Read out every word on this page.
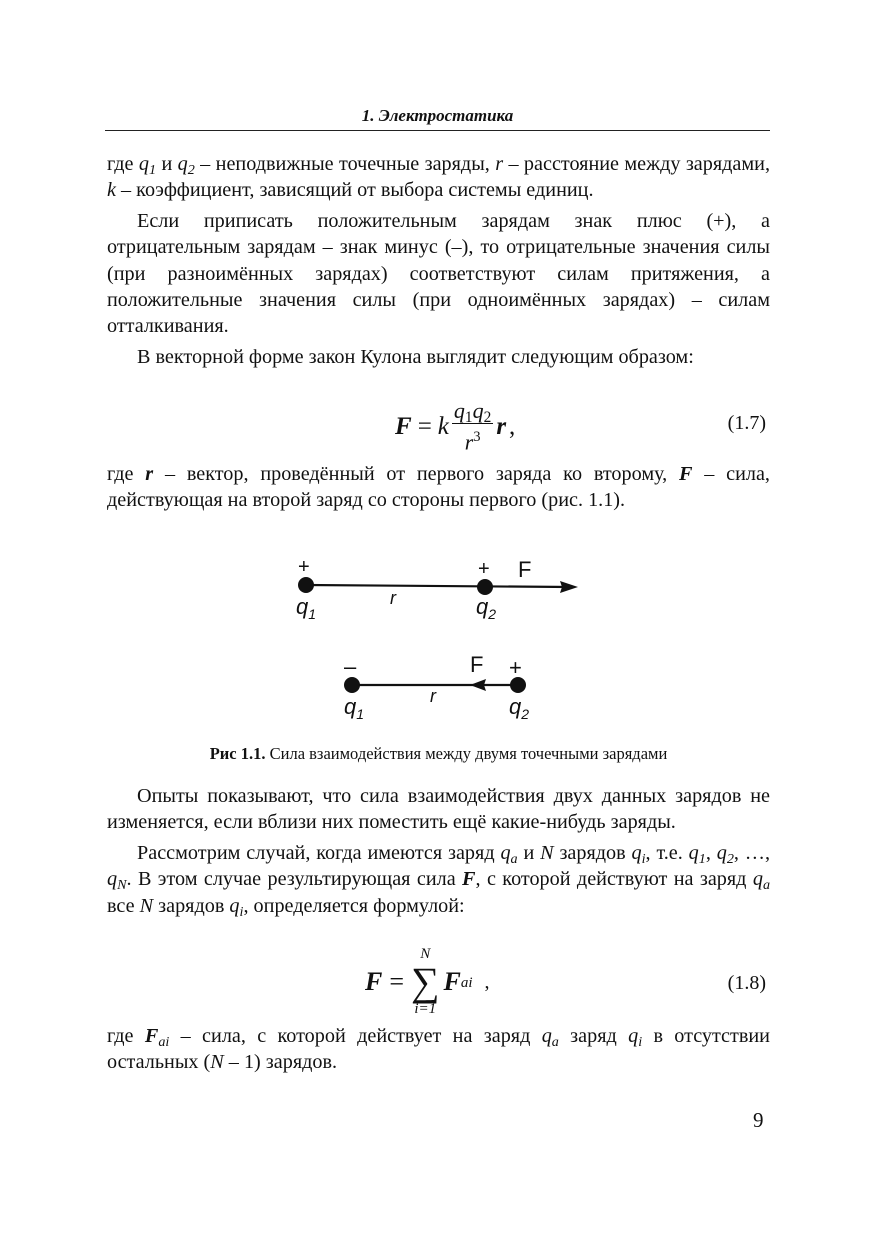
1. Электростатика

где $q_1$ и $q_2$ – неподвижные точечные заряды, r – расстояние между зарядами, k – коэффициент, зависящий от выбора системы единиц.

Если приписать положительным зарядам знак плюс (+), а отрицательным зарядам – знак минус (–), то отрицательные значения силы (при разноимённых зарядах) соответствуют силам притяжения, а положительные значения силы (при одноимённых зарядах) – силам отталкивания.

В векторной форме закон Кулона выглядит следующим образом:

F = k
$q_1q_2$
$r^3$ r ,	(1.7)

где r – вектор, проведённый от первого заряда ко второму, F – сила, действующая на второй заряд со стороны первого (рис. 1.1).

+	+ F
r
$q_1$	$q_2$
–	+
F
r
$q_1$	$q_2$
Рис 1.1. Сила взаимодействия между двумя точечными зарядами

Опыты показывают, что сила взаимодействия двух данных зарядов не изменяется, если вблизи них поместить ещё какие-нибудь заряды.

Рассмотрим случай, когда имеются заряд $q_a$ и N зарядов $q_i$, т.е. $q_1$, $q_2$, …, $q_N$. В этом случае результирующая сила F, с которой действуют на заряд $q_a$ все N зарядов $q_i$, определяется формулой:

F =
N
∑
i=1
F ai ,	(1.8)

где $F_{ai}$ – сила, с которой действует на заряд $q_a$ заряд $q_i$ в отсутствии остальных (N – 1) зарядов.

9
